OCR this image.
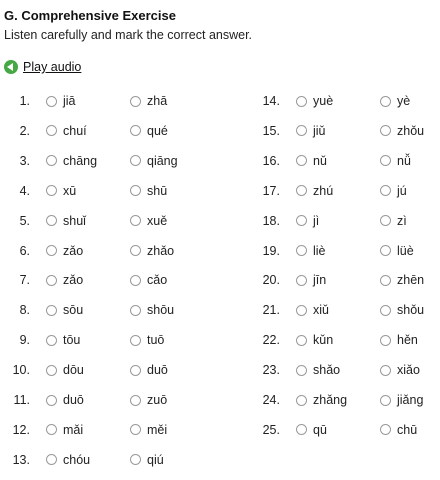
G. Comprehensive Exercise
Listen carefully and mark the correct answer.
Play audio
1.	jiā	zhā
2.	chuí	qué
3.	chāng	qiāng
4.	xū	shū
5.	shuǐ	xuě
6.	zǎo	zhǎo
7.	zǎo	cǎo
8.	sōu	shōu
9.	tōu	tuō
10.	dōu	duō
11.	duō	zuō
12.	mǎi	měi
13.	chóu	qiú
14.	yuè	yè
15.	jiǔ	zhǒu
16.	nǔ	nǚ
17.	zhú	jú
18.	jì	zì
19.	liè	lüè
20.	jīn	zhēn
21.	xiǔ	shǒu
22.	kǔn	hěn
23.	shǎo	xiǎo
24.	zhǎng	jiǎng
25.	qū	chū
